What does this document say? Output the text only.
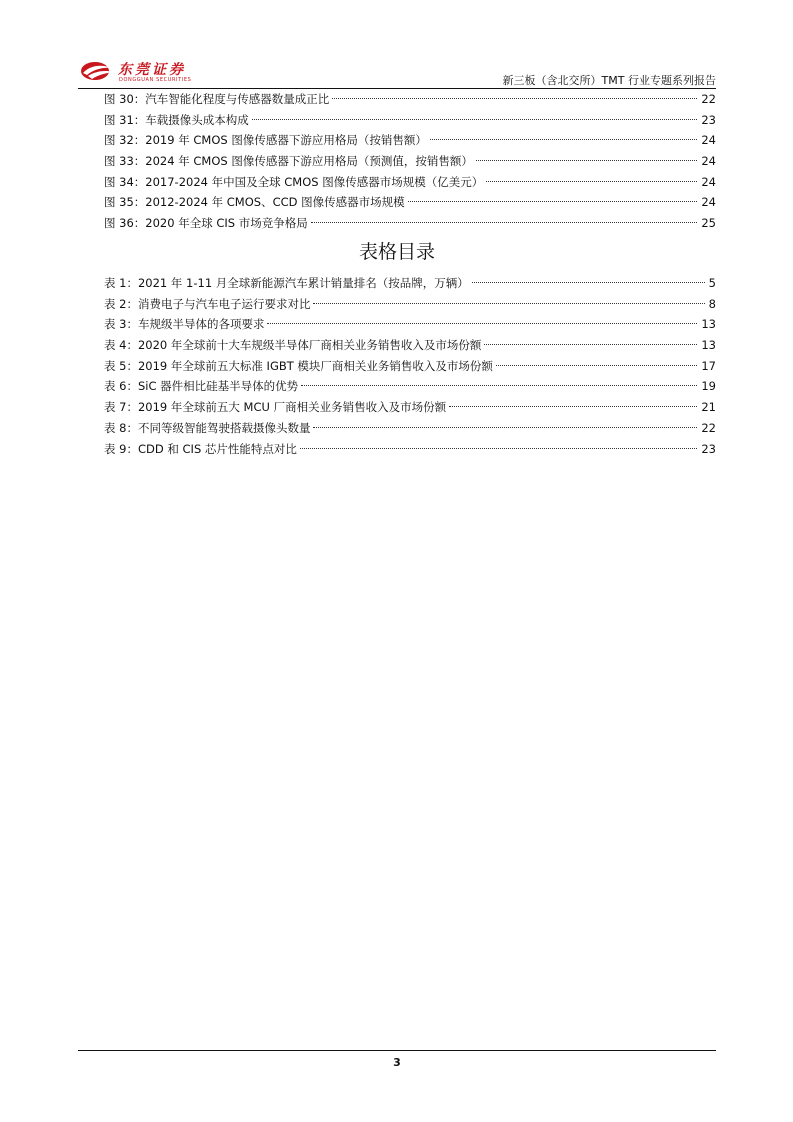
东莞证券
DONGGUAN SECURITIES	新三板（含北交所）TMT 行业专题系列报告
图 30：汽车智能化程度与传感器数量成正比	22
图 31：车载摄像头成本构成	23
图 32：2019 年 CMOS 图像传感器下游应用格局（按销售额）	24
图 33：2024 年 CMOS 图像传感器下游应用格局（预测值，按销售额）	24
图 34：2017-2024 年中国及全球 CMOS 图像传感器市场规模（亿美元）	24
图 35：2012-2024 年 CMOS、CCD 图像传感器市场规模	24
图 36：2020 年全球 CIS 市场竞争格局	25
表格目录
表 1：2021 年 1-11 月全球新能源汽车累计销量排名（按品牌，万辆）	5
表 2：消费电子与汽车电子运行要求对比	8
表 3：车规级半导体的各项要求	13
表 4：2020 年全球前十大车规级半导体厂商相关业务销售收入及市场份额	13
表 5：2019 年全球前五大标准 IGBT 模块厂商相关业务销售收入及市场份额	17
表 6：SiC 器件相比硅基半导体的优势	19
表 7：2019 年全球前五大 MCU 厂商相关业务销售收入及市场份额	21
表 8：不同等级智能驾驶搭载摄像头数量	22
表 9：CDD 和 CIS 芯片性能特点对比	23
3
